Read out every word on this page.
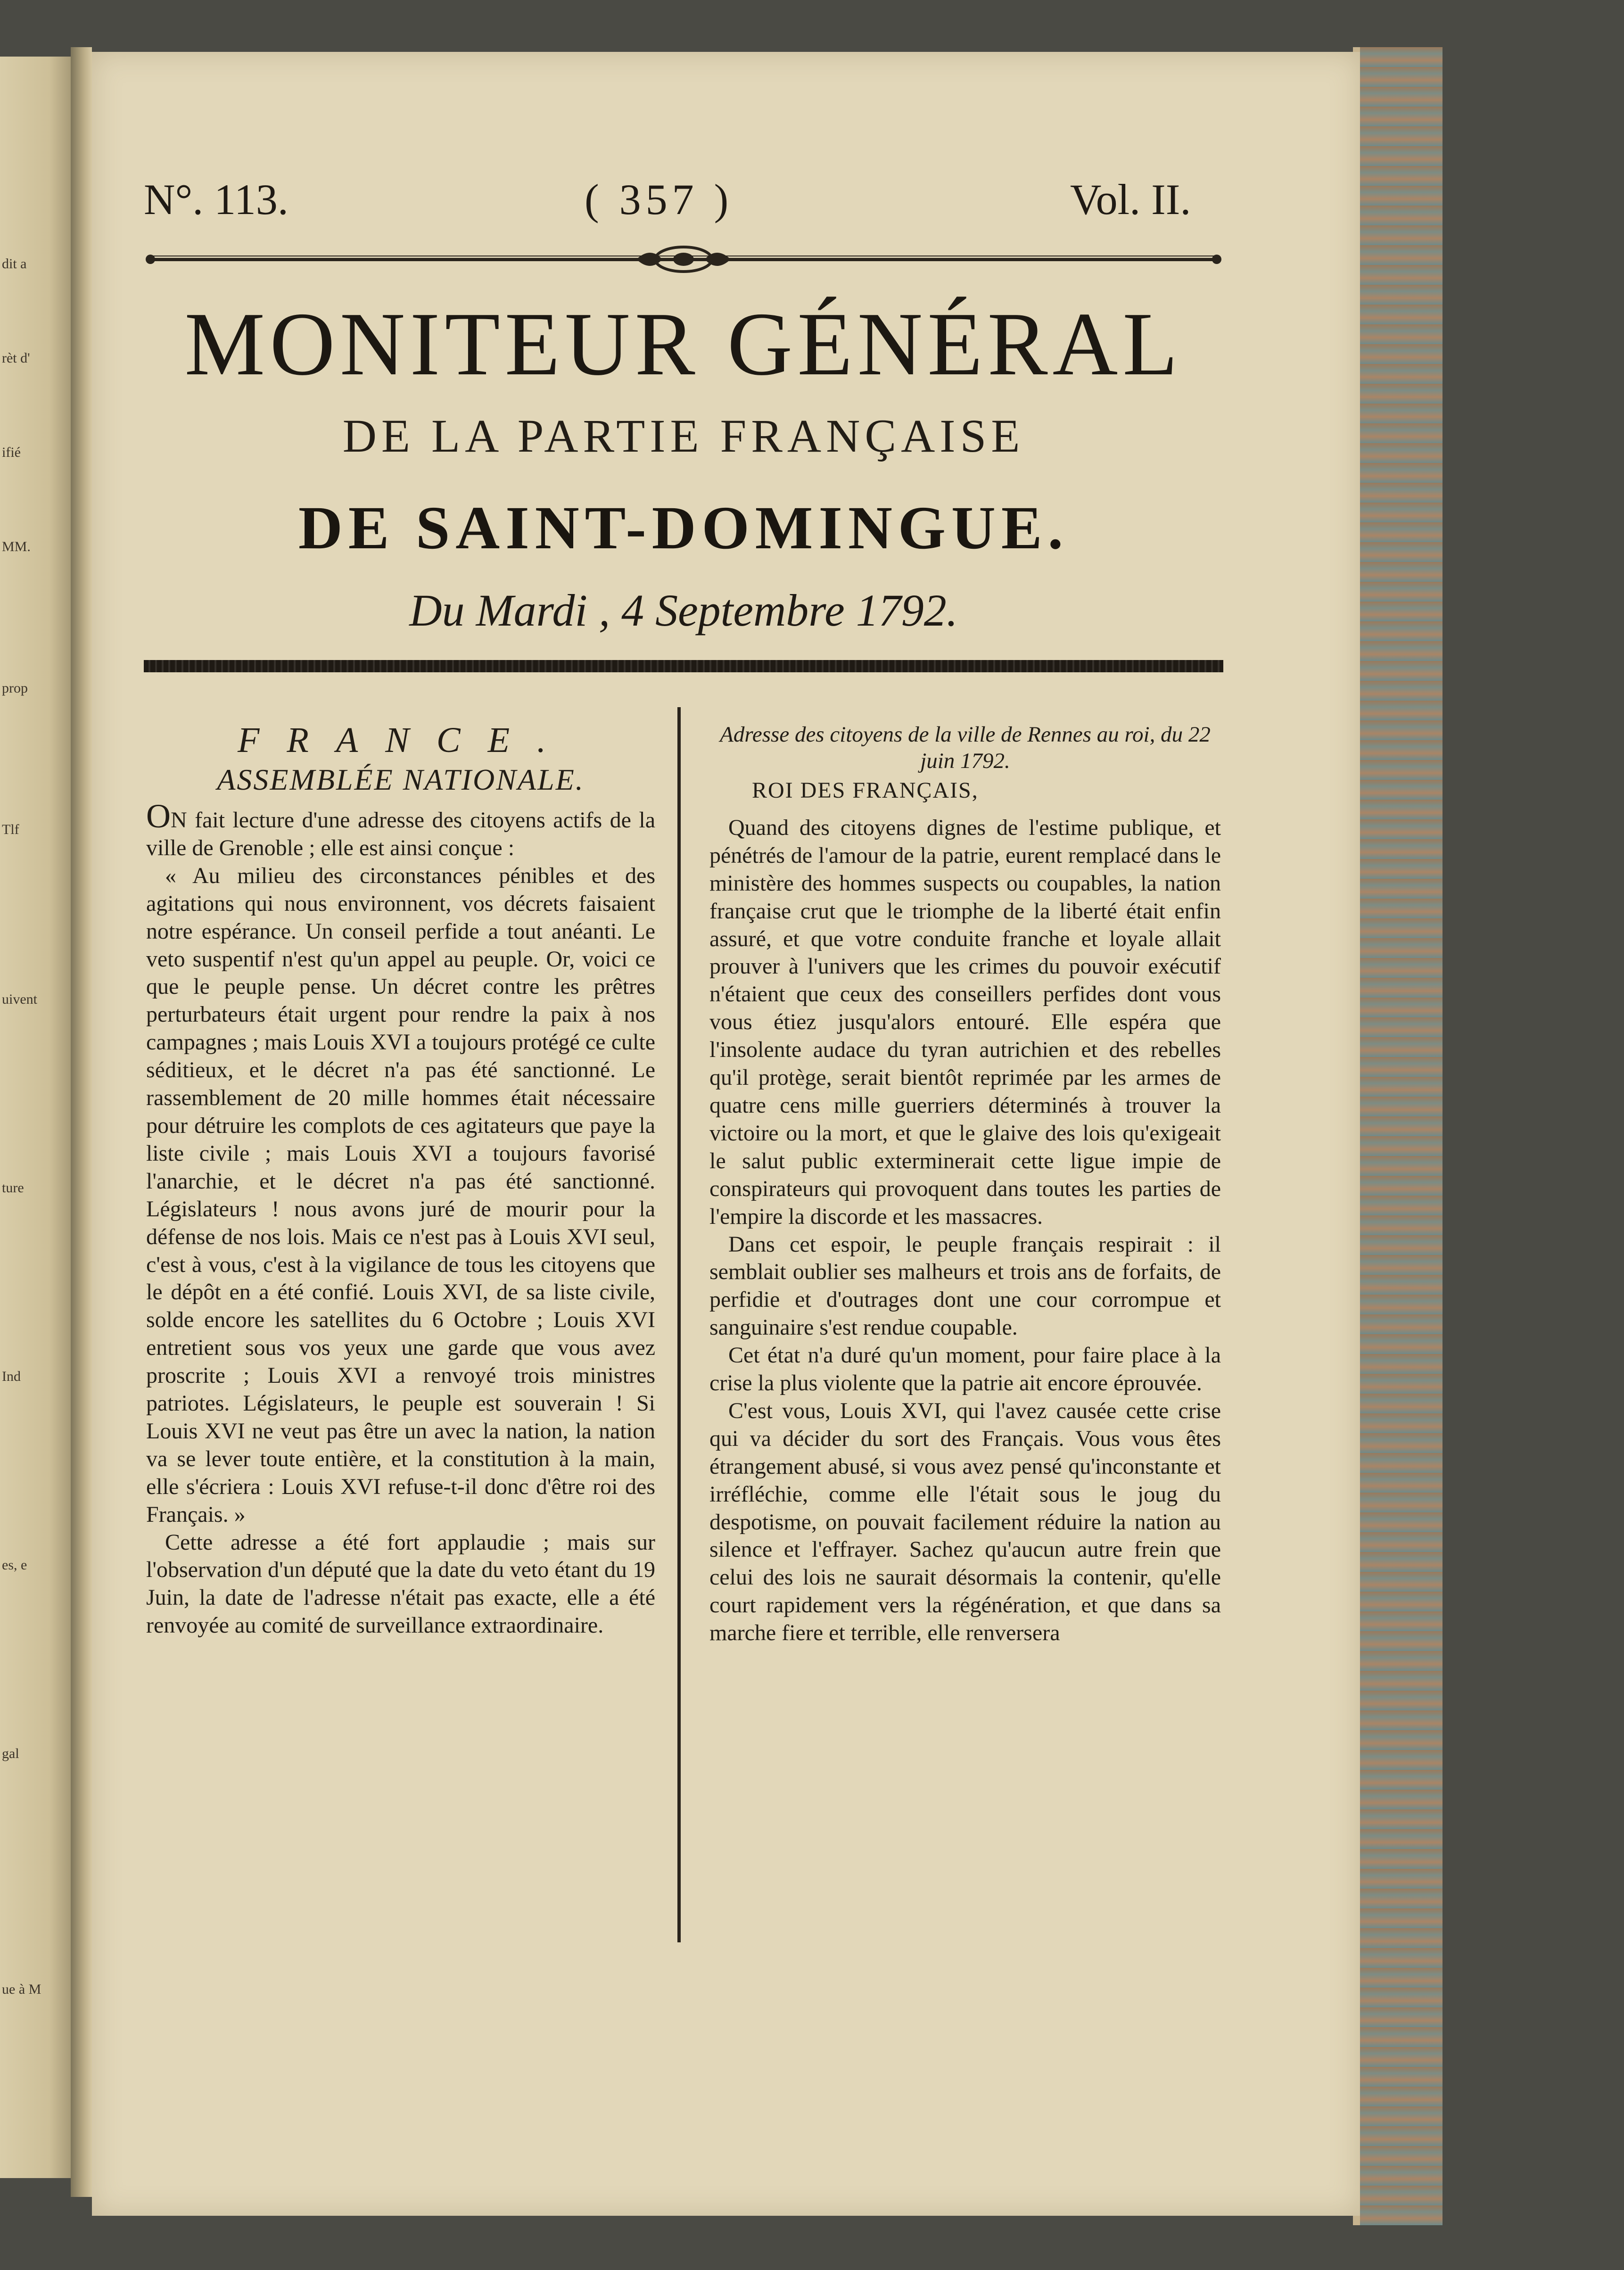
dit a
rèt d'
ifié
MM.
prop
Tlf
uivent
ture
Ind
es, e
gal
ue à M
N°. 113.	( 357 )	Vol. II.
MONITEUR GÉNÉRAL
DE LA PARTIE FRANÇAISE
DE SAINT-DOMINGUE.
Du Mardi , 4 Septembre 1792.
FRANCE.
ASSEMBLÉE NATIONALE.

ON fait lecture d'une adresse des citoyens actifs de la ville de Grenoble ; elle est ainsi conçue :

« Au milieu des circonstances pénibles et des agitations qui nous environnent, vos décrets faisaient notre espérance. Un conseil perfide a tout anéanti. Le veto suspentif n'est qu'un appel au peuple. Or, voici ce que le peuple pense. Un décret contre les prêtres perturbateurs était urgent pour rendre la paix à nos campagnes ; mais Louis XVI a toujours protégé ce culte séditieux, et le décret n'a pas été sanctionné. Le rassemblement de 20 mille hommes était nécessaire pour détruire les complots de ces agitateurs que paye la liste civile ; mais Louis XVI a toujours favorisé l'anarchie, et le décret n'a pas été sanctionné. Législateurs ! nous avons juré de mourir pour la défense de nos lois. Mais ce n'est pas à Louis XVI seul, c'est à vous, c'est à la vigilance de tous les citoyens que le dépôt en a été confié. Louis XVI, de sa liste civile, solde encore les satellites du 6 Octobre ; Louis XVI entretient sous vos yeux une garde que vous avez proscrite ; Louis XVI a renvoyé trois ministres patriotes. Législateurs, le peuple est souverain ! Si Louis XVI ne veut pas être un avec la nation, la nation va se lever toute entière, et la constitution à la main, elle s'écriera : Louis XVI refuse-t-il donc d'être roi des Français. »

Cette adresse a été fort applaudie ; mais sur l'observation d'un député que la date du veto étant du 19 Juin, la date de l'adresse n'était pas exacte, elle a été renvoyée au comité de surveillance extraordinaire.

Adresse des citoyens de la ville de Rennes au roi, du 22 juin 1792.

ROI DES FRANÇAIS,

Quand des citoyens dignes de l'estime publique, et pénétrés de l'amour de la patrie, eurent remplacé dans le ministère des hommes suspects ou coupables, la nation française crut que le triomphe de la liberté était enfin assuré, et que votre conduite franche et loyale allait prouver à l'univers que les crimes du pouvoir exécutif n'étaient que ceux des conseillers perfides dont vous vous étiez jusqu'alors entouré. Elle espéra que l'insolente audace du tyran autrichien et des rebelles qu'il protège, serait bientôt reprimée par les armes de quatre cens mille guerriers déterminés à trouver la victoire ou la mort, et que le glaive des lois qu'exigeait le salut public exterminerait cette ligue impie de conspirateurs qui provoquent dans toutes les parties de l'empire la discorde et les massacres.

Dans cet espoir, le peuple français respirait : il semblait oublier ses malheurs et trois ans de forfaits, de perfidie et d'outrages dont une cour corrompue et sanguinaire s'est rendue coupable.

Cet état n'a duré qu'un moment, pour faire place à la crise la plus violente que la patrie ait encore éprouvée.

C'est vous, Louis XVI, qui l'avez causée cette crise qui va décider du sort des Français. Vous vous êtes étrangement abusé, si vous avez pensé qu'inconstante et irréfléchie, comme elle l'était sous le joug du despotisme, on pouvait facilement réduire la nation au silence et l'effrayer. Sachez qu'aucun autre frein que celui des lois ne saurait désormais la contenir, qu'elle court rapidement vers la régénération, et que dans sa marche fiere et terrible, elle renversera
